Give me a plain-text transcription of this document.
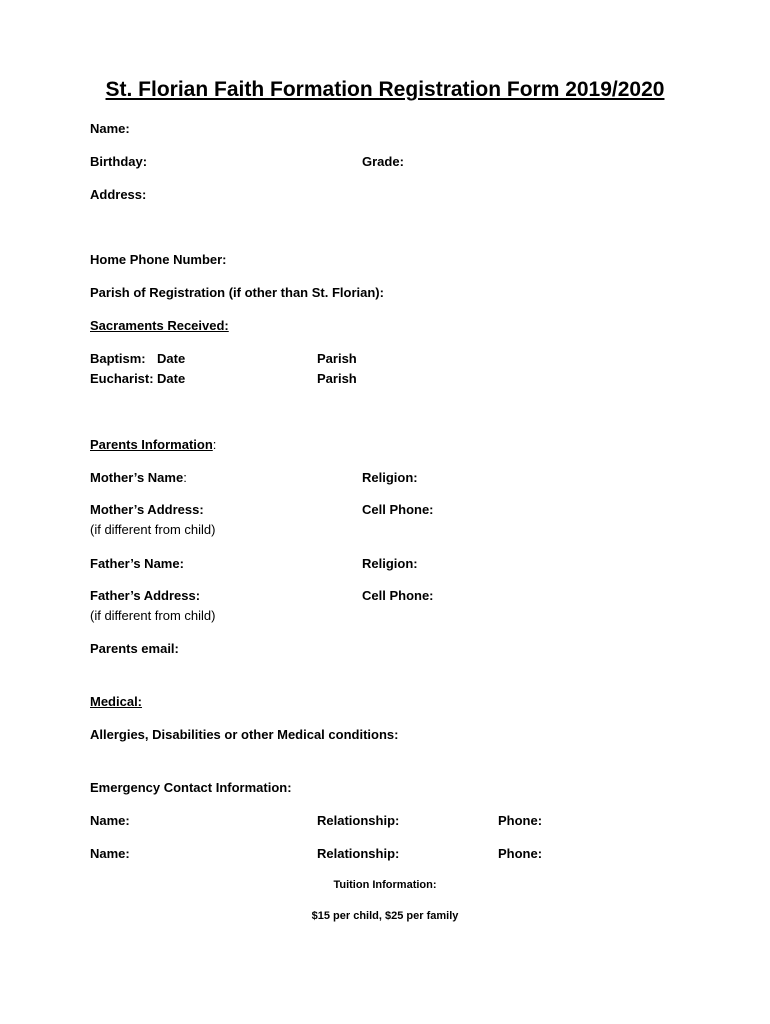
St. Florian Faith Formation Registration Form 2019/2020
Name:
Birthday:	Grade:
Address:
Home Phone Number:
Parish of Registration (if other than St. Florian):
Sacraments Received:
Baptism: Date	Parish
Eucharist: Date	Parish
Parents Information:
Mother’s Name:	Religion:
Mother’s Address:	Cell Phone:
(if different from child)
Father’s Name:	Religion:
Father’s Address:	Cell Phone:
(if different from child)
Parents email:
Medical:
Allergies, Disabilities or other Medical conditions:
Emergency Contact Information:
Name:	Relationship:	Phone:
Name:	Relationship:	Phone:
Tuition Information:
$15 per child, $25 per family
